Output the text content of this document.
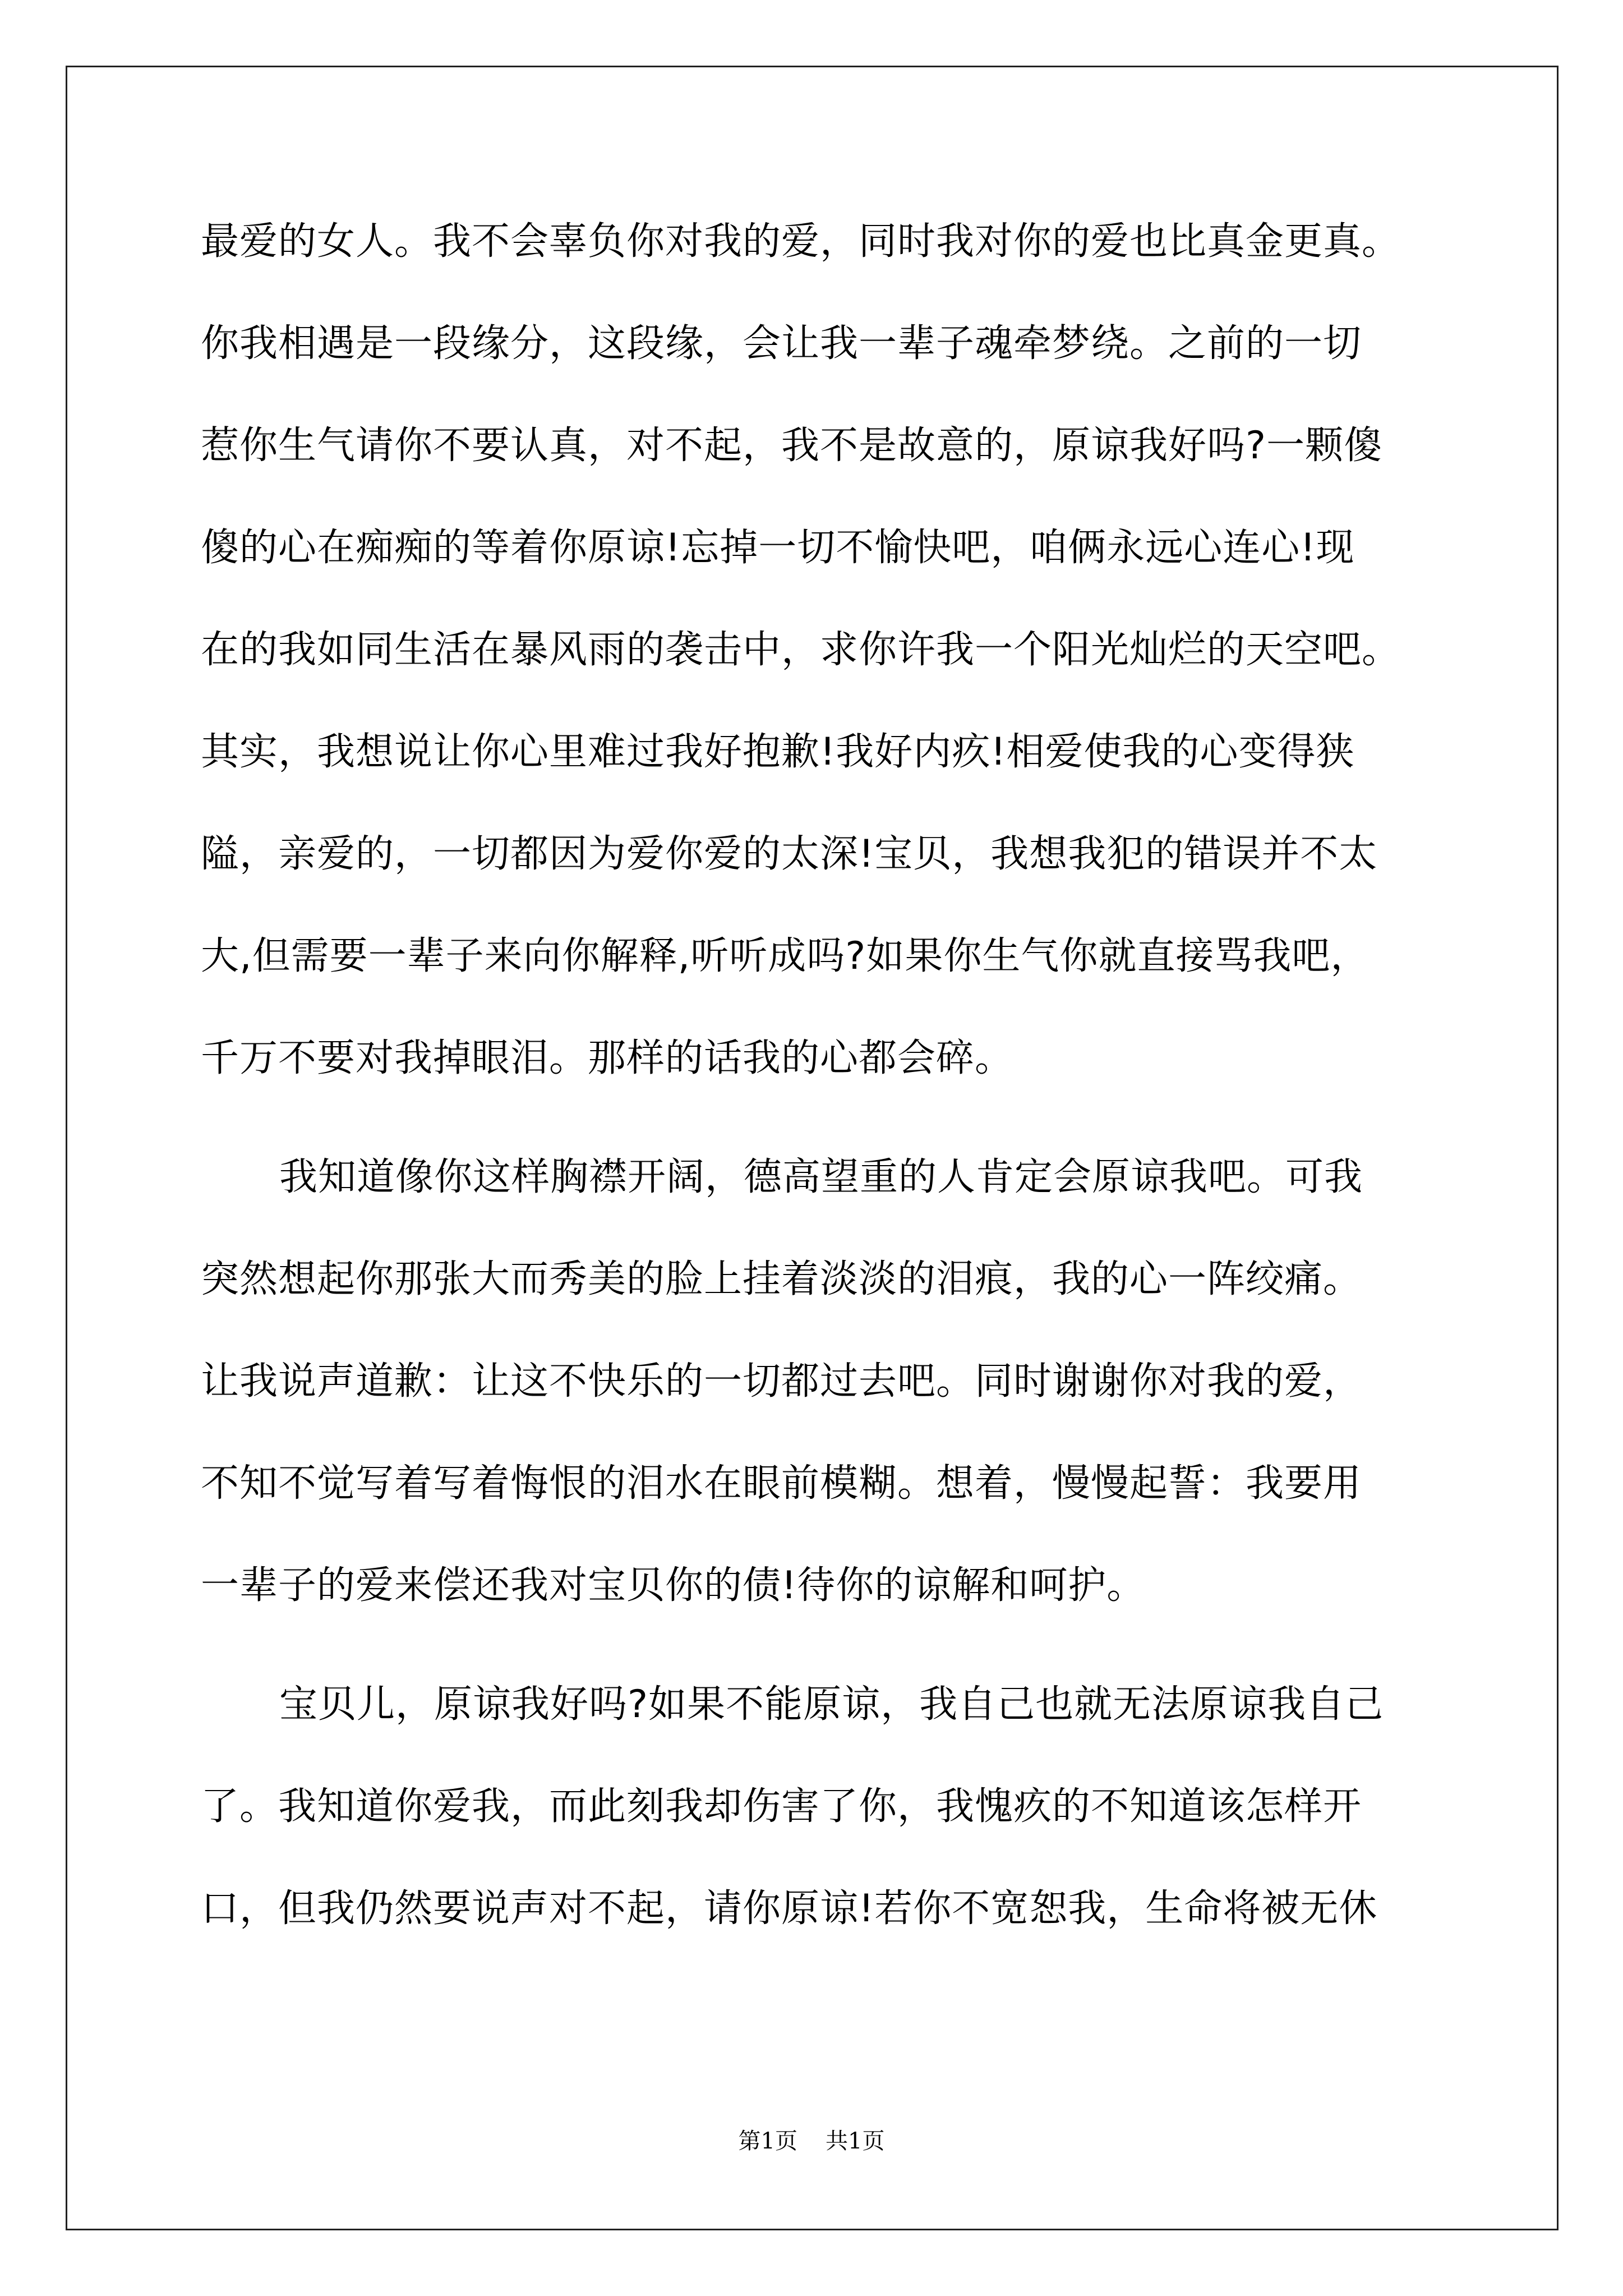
最爱的女人。我不会辜负你对我的爱，同时我对你的爱也比真金更真。
你我相遇是一段缘分，这段缘，会让我一辈子魂牵梦绕。之前的一切
惹你生气请你不要认真，对不起，我不是故意的，原谅我好吗?一颗傻
傻的心在痴痴的等着你原谅!忘掉一切不愉快吧，咱俩永远心连心!现
在的我如同生活在暴风雨的袭击中，求你许我一个阳光灿烂的天空吧。
其实，我想说让你心里难过我好抱歉!我好内疚!相爱使我的心变得狭
隘，亲爱的，一切都因为爱你爱的太深!宝贝，我想我犯的错误并不太
大,但需要一辈子来向你解释,听听成吗?如果你生气你就直接骂我吧，
千万不要对我掉眼泪。那样的话我的心都会碎。
我知道像你这样胸襟开阔，德高望重的人肯定会原谅我吧。可我
突然想起你那张大而秀美的脸上挂着淡淡的泪痕，我的心一阵绞痛。
让我说声道歉：让这不快乐的一切都过去吧。同时谢谢你对我的爱，
不知不觉写着写着悔恨的泪水在眼前模糊。想着，慢慢起誓：我要用
一辈子的爱来偿还我对宝贝你的债!待你的谅解和呵护。
宝贝儿，原谅我好吗?如果不能原谅，我自己也就无法原谅我自己
了。我知道你爱我，而此刻我却伤害了你，我愧疚的不知道该怎样开
口，但我仍然要说声对不起，请你原谅!若你不宽恕我，生命将被无休
第1页 共1页
